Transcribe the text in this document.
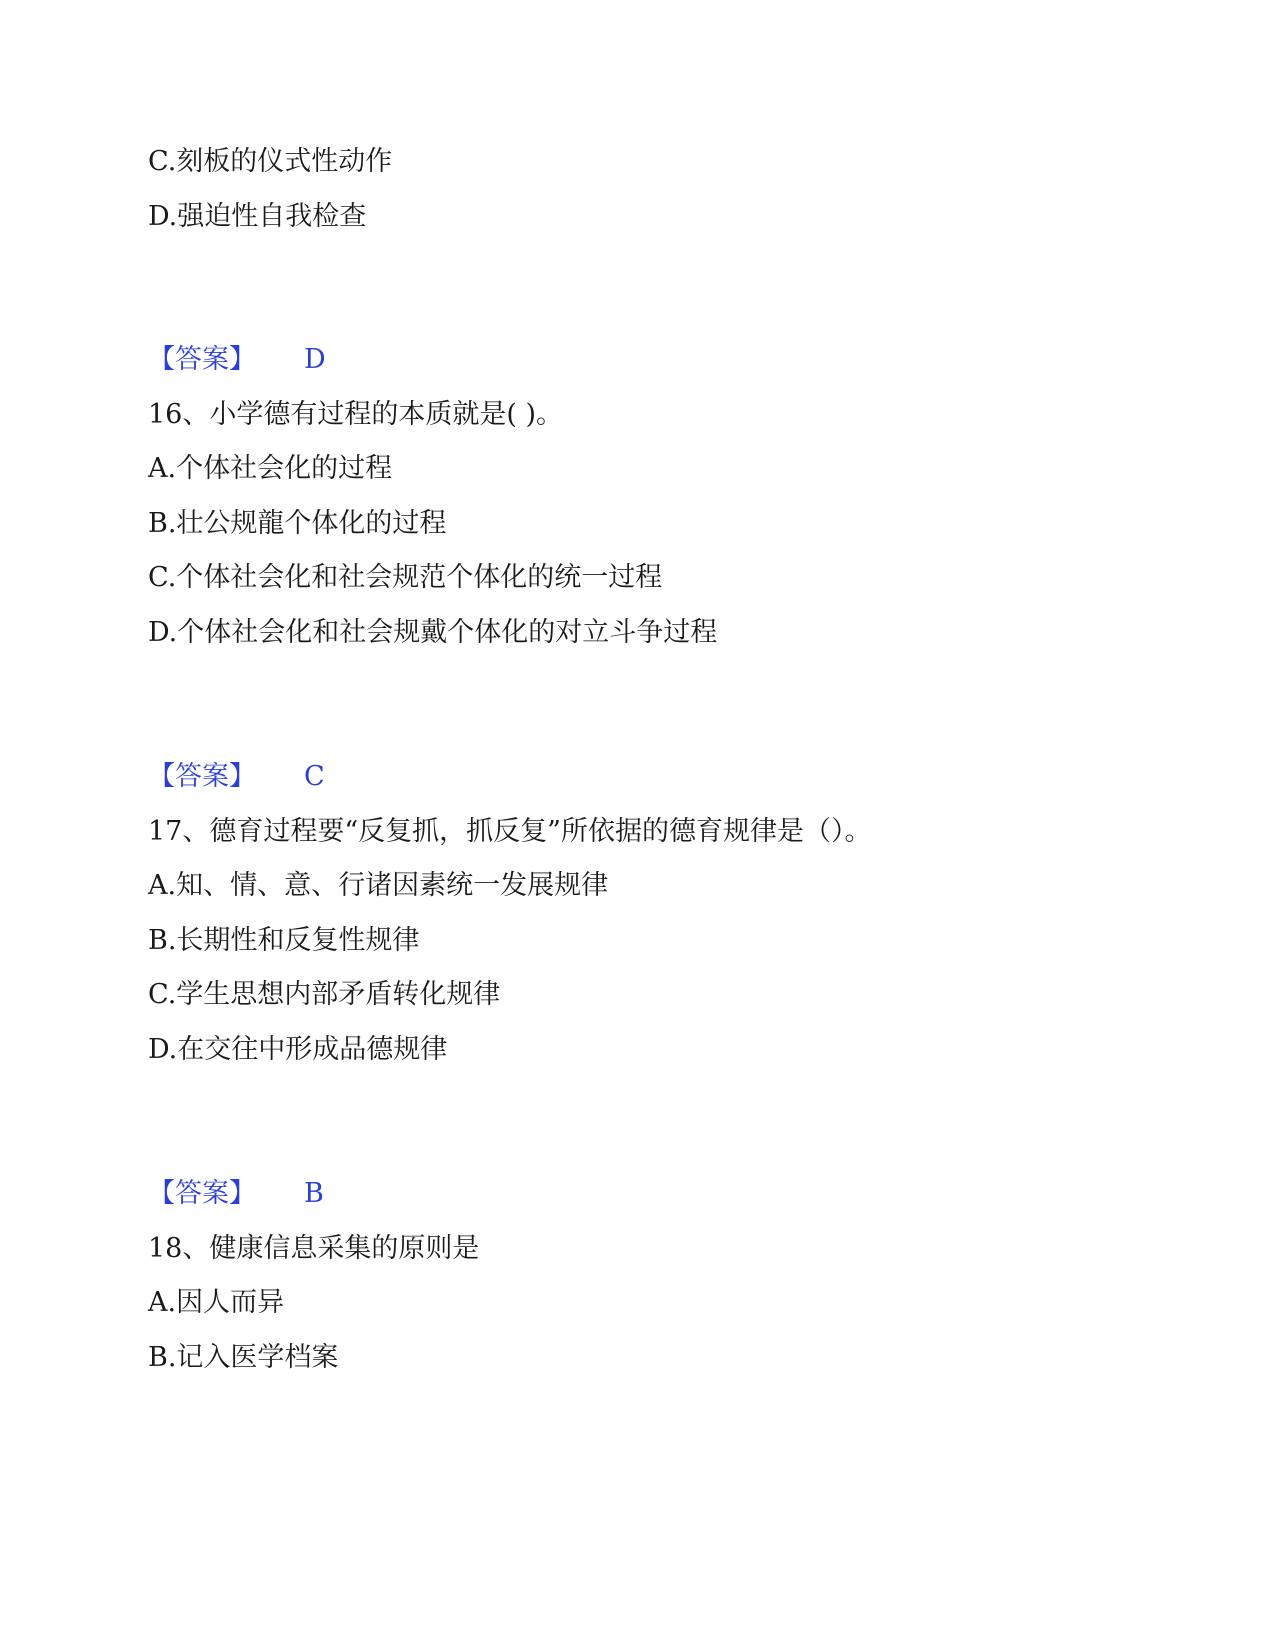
C.刻板的仪式性动作
D.强迫性自我检查
【答案】 D
16、小学德有过程的本质就是( )。
A.个体社会化的过程
B.壮公规龍个体化的过程
C.个体社会化和社会规范个体化的统一过程
D.个体社会化和社会规戴个体化的对立斗争过程
【答案】 C
17、德育过程要“反复抓，抓反复”所依据的德育规律是（）。
A.知、情、意、行诸因素统一发展规律
B.长期性和反复性规律
C.学生思想内部矛盾转化规律
D.在交往中形成品德规律
【答案】 B
18、健康信息采集的原则是
A.因人而异
B.记入医学档案
